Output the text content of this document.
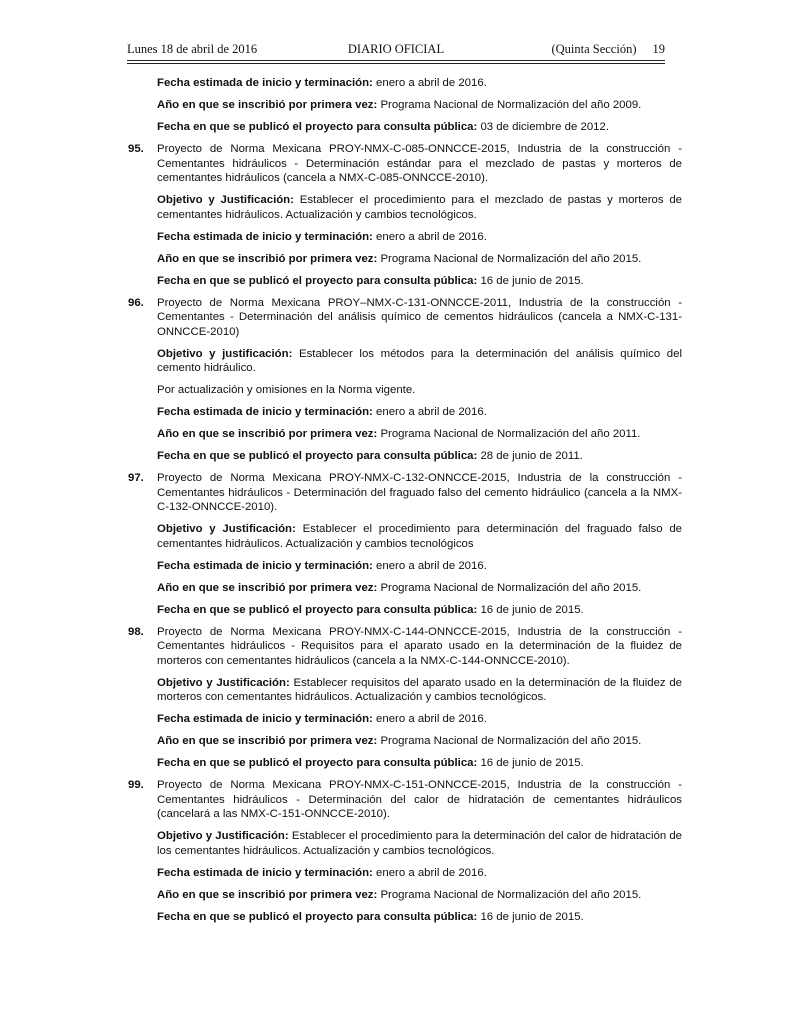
Lunes 18 de abril de 2016	DIARIO OFICIAL	(Quinta Sección) 19

Fecha estimada de inicio y terminación: enero a abril de 2016.

Año en que se inscribió por primera vez: Programa Nacional de Normalización del año 2009.

Fecha en que se publicó el proyecto para consulta pública: 03 de diciembre de 2012.

95. Proyecto de Norma Mexicana PROY-NMX-C-085-ONNCCE-2015, Industria de la construcción - Cementantes hidráulicos - Determinación estándar para el mezclado de pastas y morteros de cementantes hidráulicos (cancela a NMX-C-085-ONNCCE-2010).

Objetivo y Justificación: Establecer el procedimiento para el mezclado de pastas y morteros de cementantes hidráulicos. Actualización y cambios tecnológicos.

Fecha estimada de inicio y terminación: enero a abril de 2016.

Año en que se inscribió por primera vez: Programa Nacional de Normalización del año 2015.

Fecha en que se publicó el proyecto para consulta pública: 16 de junio de 2015.

96. Proyecto de Norma Mexicana PROY–NMX-C-131-ONNCCE-2011, Industria de la construcción - Cementantes - Determinación del análisis químico de cementos hidráulicos (cancela a NMX-C-131-ONNCCE-2010)

Objetivo y justificación: Establecer los métodos para la determinación del análisis químico del cemento hidráulico.

Por actualización y omisiones en la Norma vigente.

Fecha estimada de inicio y terminación: enero a abril de 2016.

Año en que se inscribió por primera vez: Programa Nacional de Normalización del año 2011.

Fecha en que se publicó el proyecto para consulta pública: 28 de junio de 2011.

97. Proyecto de Norma Mexicana PROY-NMX-C-132-ONNCCE-2015, Industria de la construcción - Cementantes hidráulicos - Determinación del fraguado falso del cemento hidráulico (cancela a la NMX-C-132-ONNCCE-2010).

Objetivo y Justificación: Establecer el procedimiento para determinación del fraguado falso de cementantes hidráulicos. Actualización y cambios tecnológicos

Fecha estimada de inicio y terminación: enero a abril de 2016.

Año en que se inscribió por primera vez: Programa Nacional de Normalización del año 2015.

Fecha en que se publicó el proyecto para consulta pública: 16 de junio de 2015.

98. Proyecto de Norma Mexicana PROY-NMX-C-144-ONNCCE-2015, Industria de la construcción - Cementantes hidráulicos - Requisitos para el aparato usado en la determinación de la fluidez de morteros con cementantes hidráulicos (cancela a la NMX-C-144-ONNCCE-2010).

Objetivo y Justificación: Establecer requisitos del aparato usado en la determinación de la fluidez de morteros con cementantes hidráulicos. Actualización y cambios tecnológicos.

Fecha estimada de inicio y terminación: enero a abril de 2016.

Año en que se inscribió por primera vez: Programa Nacional de Normalización del año 2015.

Fecha en que se publicó el proyecto para consulta pública: 16 de junio de 2015.

99. Proyecto de Norma Mexicana PROY-NMX-C-151-ONNCCE-2015, Industria de la construcción - Cementantes hidráulicos - Determinación del calor de hidratación de cementantes hidráulicos (cancelará a las NMX-C-151-ONNCCE-2010).

Objetivo y Justificación: Establecer el procedimiento para la determinación del calor de hidratación de los cementantes hidráulicos. Actualización y cambios tecnológicos.

Fecha estimada de inicio y terminación: enero a abril de 2016.

Año en que se inscribió por primera vez: Programa Nacional de Normalización del año 2015.

Fecha en que se publicó el proyecto para consulta pública: 16 de junio de 2015.
